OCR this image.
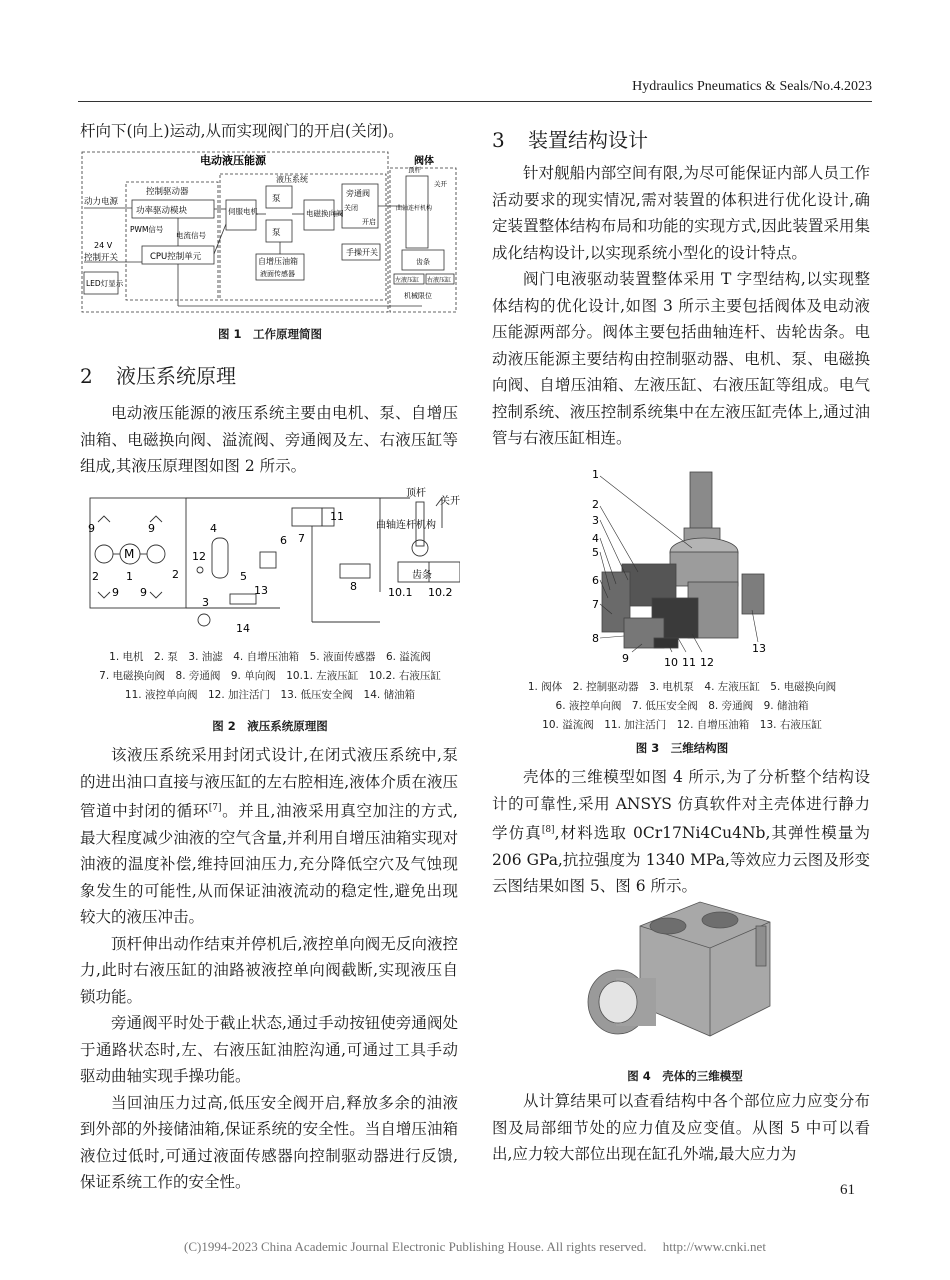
Hydraulics Pneumatics & Seals/No.4.2023

杆向下(向上)运动,从而实现阀门的开启(关闭)。

电动液压能源	阀体
动力电源
24 V
控制开关
LED灯显示
控制驱动器
功率驱动模块
PWM信号
电流信号
CPU控制单元
伺服电机
液压系统
泵
泵
电磁换向阀
旁通阀
关闭
开启
手操开关
自增压油箱
液面传感器
曲轴连杆机构
顶杆
关开
齿条
左液压缸 右液压缸
机械限位
图 1　工作原理简图

2 液压系统原理

电动液压能源的液压系统主要由电机、泵、自增压油箱、电磁换向阀、溢流阀、旁通阀及左、右液压缸等组成,其液压原理图如图 2 所示。

9	9
M
2 1	2
9 9
4
12
5
6
13
3
14
7
11
8	10.1 10.2
曲轴连杆机构
顶杆
关开
齿条
1. 电机　2. 泵　3. 油滤　4. 自增压油箱　5. 液面传感器　6. 溢流阀
7. 电磁换向阀　8. 旁通阀　9. 单向阀　10.1. 左液压缸　10.2. 右液压缸
11. 液控单向阀　12. 加注活门　13. 低压安全阀　14. 储油箱
图 2　液压系统原理图

该液压系统采用封闭式设计,在闭式液压系统中,泵的进出油口直接与液压缸的左右腔相连,液体介质在液压管道中封闭的循环[7]。并且,油液采用真空加注的方式,最大程度减少油液的空气含量,并利用自增压油箱实现对油液的温度补偿,维持回油压力,充分降低空穴及气蚀现象发生的可能性,从而保证油液流动的稳定性,避免出现较大的液压冲击。

顶杆伸出动作结束并停机后,液控单向阀无反向液控力,此时右液压缸的油路被液控单向阀截断,实现液压自锁功能。

旁通阀平时处于截止状态,通过手动按钮使旁通阀处于通路状态时,左、右液压缸油腔沟通,可通过工具手动驱动曲轴实现手操功能。

当回油压力过高,低压安全阀开启,释放多余的油液到外部的外接储油箱,保证系统的安全性。当自增压油箱液位过低时,可通过液面传感器向控制驱动器进行反馈,保证系统工作的安全性。

3 装置结构设计

针对舰船内部空间有限,为尽可能保证内部人员工作活动要求的现实情况,需对装置的体积进行优化设计,确定装置整体结构布局和功能的实现方式,因此装置采用集成化结构设计,以实现系统小型化的设计特点。

阀门电液驱动装置整体采用 T 字型结构,以实现整体结构的优化设计,如图 3 所示主要包括阀体及电动液压能源两部分。阀体主要包括曲轴连杆、齿轮齿条。电动液压能源主要结构由控制驱动器、电机、泵、电磁换向阀、自增压油箱、左液压缸、右液压缸等组成。电气控制系统、液压控制系统集中在左液压缸壳体上,通过油管与右液压缸相连。

1
2
3
4
5
6
7
8
9	10 11 12
13
1. 阀体　2. 控制驱动器　3. 电机泵　4. 左液压缸　5. 电磁换向阀
6. 液控单向阀　7. 低压安全阀　8. 旁通阀　9. 储油箱
10. 溢流阀　11. 加注活门　12. 自增压油箱　13. 右液压缸
图 3　三维结构图

壳体的三维模型如图 4 所示,为了分析整个结构设计的可靠性,采用 ANSYS 仿真软件对主壳体进行静力学仿真[8],材料选取 0Cr17Ni4Cu4Nb,其弹性模量为 206 GPa,抗拉强度为 1340 MPa,等效应力云图及形变云图结果如图 5、图 6 所示。

图 4　壳体的三维模型

从计算结果可以查看结构中各个部位应力应变分布图及局部细节处的应力值及应变值。从图 5 中可以看出,应力较大部位出现在缸孔外端,最大应力为

61
(C)1994-2023 China Academic Journal Electronic Publishing House. All rights reserved.　 http://www.cnki.net
